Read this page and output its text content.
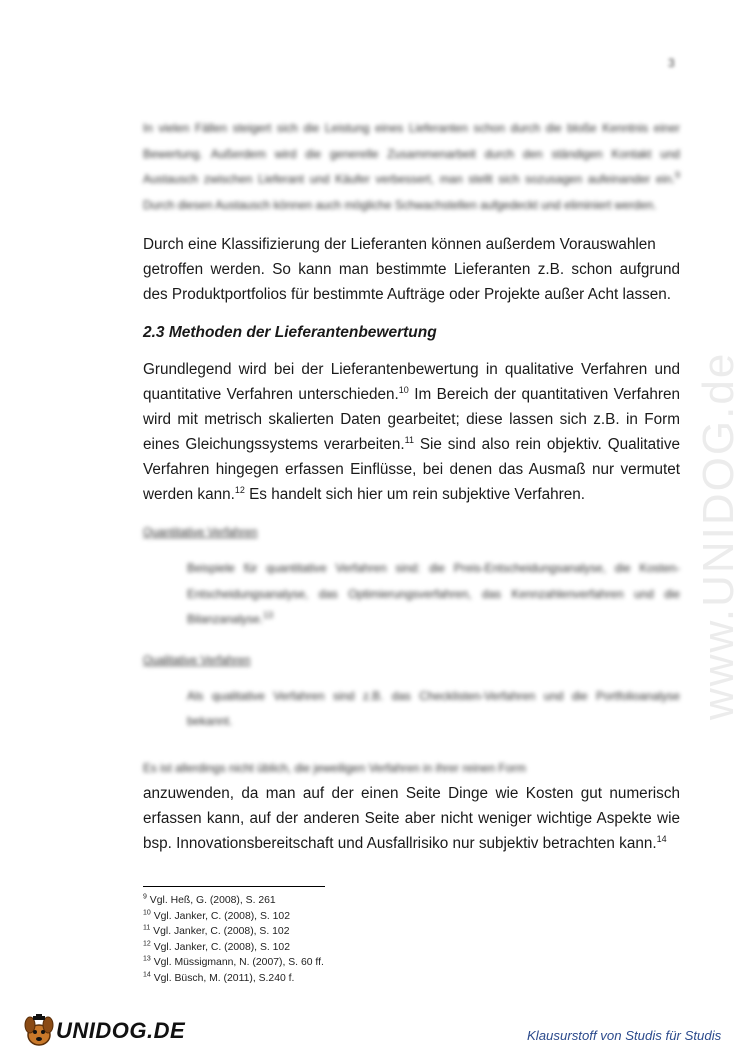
3
www.UNIDOG.de

In vielen Fällen steigert sich die Leistung eines Lieferanten schon durch die bloße Kenntnis einer Bewertung. Außerdem wird die generelle Zusammenarbeit durch den ständigen Kontakt und Austausch zwischen Lieferant und Käufer verbessert, man stellt sich sozusagen aufeinander ein.$^9$ Durch diesen Austausch können auch mögliche Schwachstellen aufgedeckt und eliminiert werden.

Durch eine Klassifizierung der Lieferanten können außerdem Vorauswahlen

getroffen werden. So kann man bestimmte Lieferanten z.B. schon aufgrund des Produktportfolios für bestimmte Aufträge oder Projekte außer Acht lassen.

2.3 Methoden der Lieferantenbewertung

Grundlegend wird bei der Lieferantenbewertung in qualitative Verfahren und quantitative Verfahren unterschieden.$^{10}$ Im Bereich der quantitativen Verfahren wird mit metrisch skalierten Daten gearbeitet; diese lassen sich z.B. in Form eines Gleichungssystems verarbeiten.$^{11}$ Sie sind also rein objektiv. Qualitative Verfahren hingegen erfassen Einflüsse, bei denen das Ausmaß nur vermutet werden kann.$^{12}$ Es handelt sich hier um rein subjektive Verfahren.

Quantitative Verfahren

Beispiele für quantitative Verfahren sind: die Preis-Entscheidungsanalyse, die Kosten-Entscheidungsanalyse, das Optimierungsverfahren, das Kennzahlenverfahren und die Bilanzanalyse.$^{13}$

Qualitative Verfahren

Als qualitative Verfahren sind z.B. das Checklisten-Verfahren und die Portfolioanalyse bekannt.

Es ist allerdings nicht üblich, die jeweiligen Verfahren in ihrer reinen Form

anzuwenden, da man auf der einen Seite Dinge wie Kosten gut numerisch erfassen kann, auf der anderen Seite aber nicht weniger wichtige Aspekte wie bsp. Innovationsbereitschaft und Ausfallrisiko nur subjektiv betrachten kann.$^{14}$

$^9$ Vgl. Heß, G. (2008), S. 261
$^{10}$ Vgl. Janker, C. (2008), S. 102
$^{11}$ Vgl. Janker, C. (2008), S. 102
$^{12}$ Vgl. Janker, C. (2008), S. 102
$^{13}$ Vgl. Müssigmann, N. (2007), S. 60 ff.
$^{14}$ Vgl. Büsch, M. (2011), S.240 f.
UNIDOG.DE	Klausurstoff von Studis für Studis
